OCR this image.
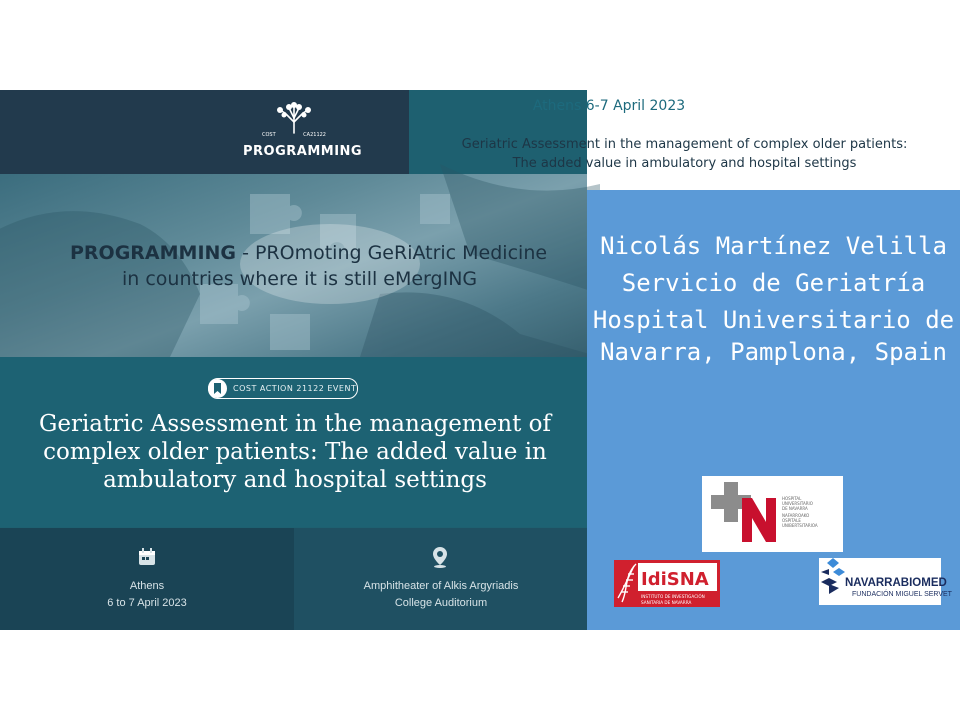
COST	CA21122
PROGRAMMING
PROGRAMMING - PROmoting GeRiAtric Medicine
in countries where it is still eMergING
COST ACTION 21122 EVENT
Geriatric Assessment in the management of
complex older patients: The added value in
ambulatory and hospital settings
Athens
6 to 7 April 2023
Amphitheater of Alkis Argyriadis
College Auditorium
Athens 6-7 April 2023
Geriatric Assessment in the management of complex older patients:
The added value in ambulatory and hospital settings
Nicolás Martínez Velilla
Servicio de Geriatría
Hospital Universitario de
Navarra, Pamplona, Spain
HOSPITAL
UNIVERSITARIO
DE NAVARRA
NAFARROAKO
OSPITALE
UNIBERTSITARIOA
IdiSNA
INSTITUTO DE INVESTIGACIÓN
SANITARIA DE NAVARRA
NAVARRABIOMED
FUNDACIÓN MIGUEL SERVET
